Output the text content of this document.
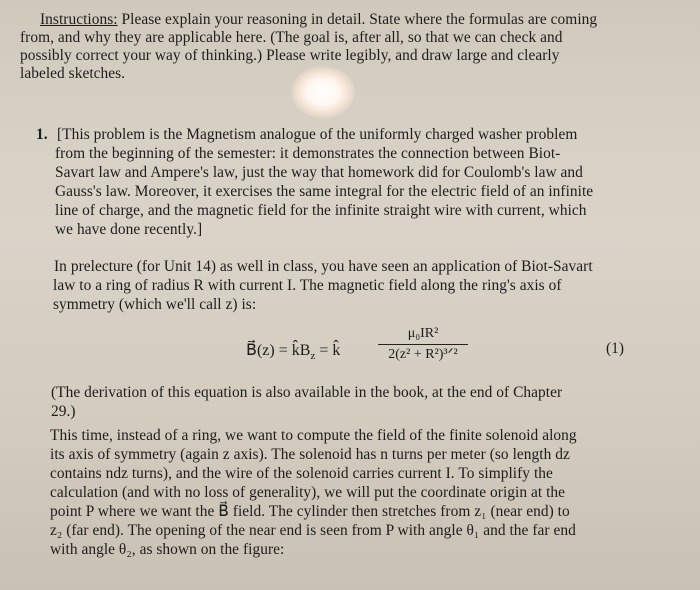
Instructions: Please explain your reasoning in detail. State where the formulas are coming
from, and why they are applicable here. (The goal is, after all, so that we can check and
possibly correct your way of thinking.) Please write legibly, and draw large and clearly
labeled sketches.
1. [This problem is the Magnetism analogue of the uniformly charged washer problem
from the beginning of the semester: it demonstrates the connection between Biot-
Savart law and Ampere's law, just the way that homework did for Coulomb's law and
Gauss's law. Moreover, it exercises the same integral for the electric field of an infinite
line of charge, and the magnetic field for the infinite straight wire with current, which
we have done recently.]
In prelecture (for Unit 14) as well in class, you have seen an application of Biot-Savart
law to a ring of radius R with current I. The magnetic field along the ring's axis of
symmetry (which we'll call z) is:
B⃗(z) = $k̂B_z$ = k̂
μ₀IR²
2(z² + R²)³ᐟ²	(1)
(The derivation of this equation is also available in the book, at the end of Chapter
29.)
This time, instead of a ring, we want to compute the field of the finite solenoid along
its axis of symmetry (again z axis). The solenoid has n turns per meter (so length dz
contains ndz turns), and the wire of the solenoid carries current I. To simplify the
calculation (and with no loss of generality), we will put the coordinate origin at the
point P where we want the B⃗ field. The cylinder then stretches from z₁ (near end) to
z₂ (far end). The opening of the near end is seen from P with angle θ₁ and the far end
with angle θ₂, as shown on the figure:
